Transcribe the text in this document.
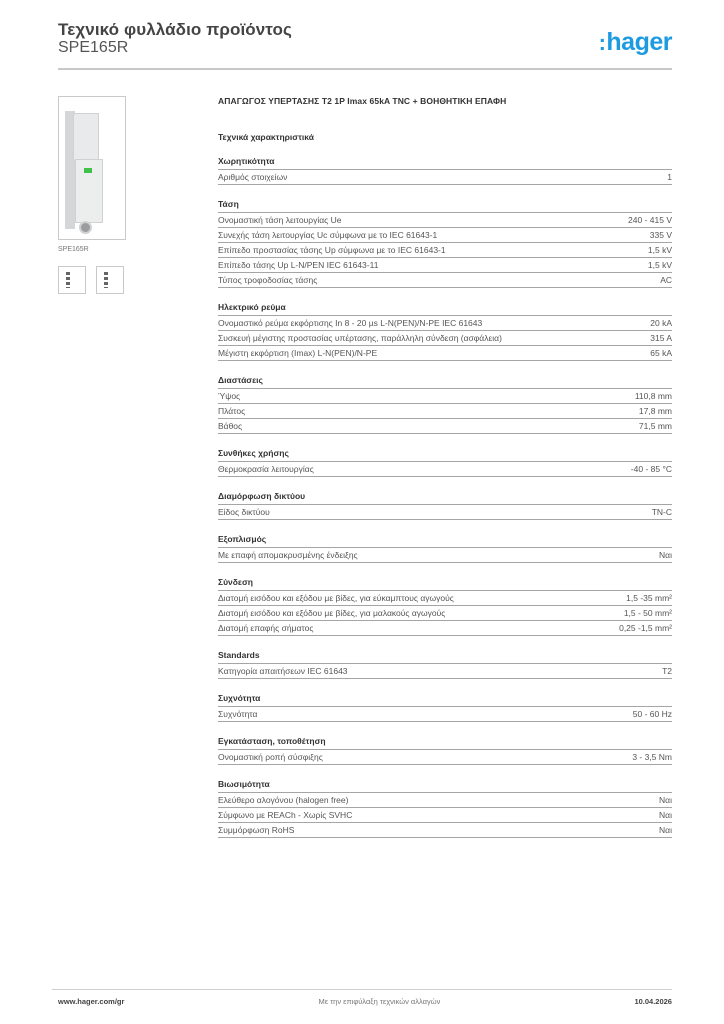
Τεχνικό φυλλάδιο προϊόντος
SPE165R	:hager
SPE165R
ΑΠΑΓΩΓΟΣ ΥΠΕΡΤΑΣΗΣ Τ2 1P Imax 65kA TNC + ΒΟΗΘΗΤΙΚΗ ΕΠΑΦΗ
Τεχνικά χαρακτηριστικά
Χωρητικότητα
Αριθμός στοιχείων	1
Τάση
Ονομαστική τάση λειτουργίας Ue	240 - 415 V
Συνεχής τάση λειτουργίας Uc σύμφωνα με το IEC 61643-1	335 V
Επίπεδο προστασίας τάσης Up σύμφωνα με το IEC 61643-1	1,5 kV
Επίπεδο τάσης Up L-N/PEN IEC 61643-11	1,5 kV
Τύπος τροφοδοσίας τάσης	AC
Ηλεκτρικό ρεύμα
Ονομαστικό ρεύμα εκφόρτισης In 8 - 20 µs L-N(PEN)/N-PE IEC 61643	20 kA
Συσκευή μέγιστης προστασίας υπέρτασης, παράλληλη σύνδεση (ασφάλεια)	315 A
Μέγιστη εκφόρτιση (Imax) L-N(PEN)/N-PE	65 kA
Διαστάσεις
Ύψος	110,8 mm
Πλάτος	17,8 mm
Βάθος	71,5 mm
Συνθήκες χρήσης
Θερμοκρασία λειτουργίας	-40 - 85 °C
Διαμόρφωση δικτύου
Είδος δικτύου	TN-C
Εξοπλισμός
Με επαφή απομακρυσμένης ένδειξης	Ναι
Σύνδεση
Διατομή εισόδου και εξόδου με βίδες, για εύκαμπτους αγωγούς	1,5 -35 mm²
Διατομή εισόδου και εξόδου με βίδες, για μαλακούς αγωγούς	1,5 - 50 mm²
Διατομή επαφής σήματος	0,25 -1,5 mm²
Standards
Κατηγορία απαιτήσεων IEC 61643	T2
Συχνότητα
Συχνότητα	50 - 60 Hz
Εγκατάσταση, τοποθέτηση
Ονομαστική ροπή σύσφιξης	3 - 3,5 Nm
Βιωσιμότητα
Ελεύθερο αλογόνου (halogen free)	Ναι
Σύμφωνο με REACh - Χωρίς SVHC	Ναι
Συμμόρφωση RoHS	Ναι
www.hager.com/gr	Με την επιφύλαξη τεχνικών αλλαγών	10.04.2026
